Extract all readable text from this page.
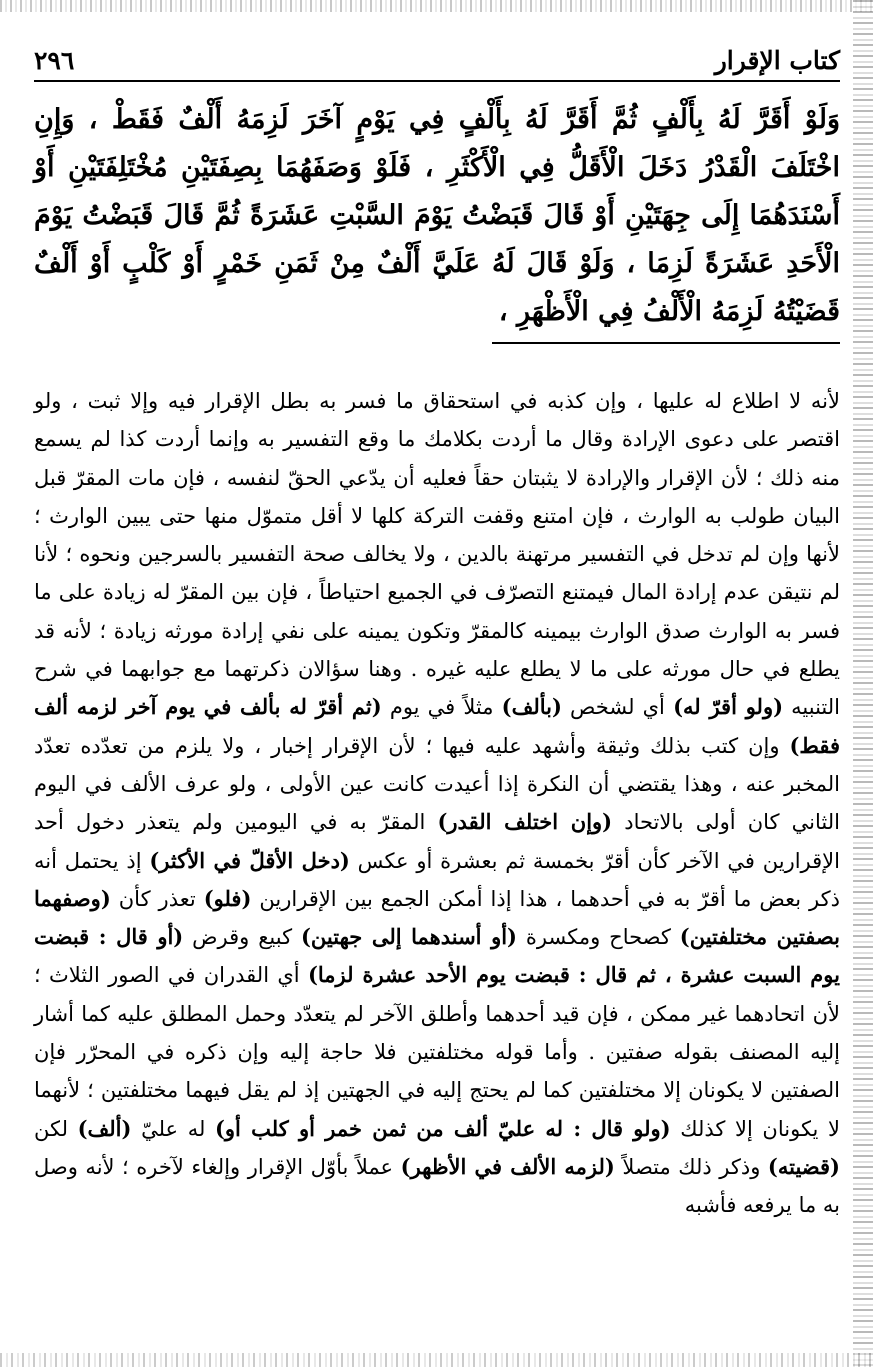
كتاب الإقرار
٢٩٦

وَلَوْ أَقَرَّ لَهُ بِأَلْفٍ ثُمَّ أَقَرَّ لَهُ بِأَلْفٍ فِي يَوْمٍ آخَرَ لَزِمَهُ أَلْفٌ فَقَطْ ، وَإِنِ اخْتَلَفَ الْقَدْرُ دَخَلَ الْأَقَلُّ فِي الْأَكْثَرِ ، فَلَوْ وَصَفَهُمَا بِصِفَتَيْنِ مُخْتَلِفَتَيْنِ أَوْ أَسْنَدَهُمَا إِلَى جِهَتَيْنِ أَوْ قَالَ قَبَضْتُ يَوْمَ السَّبْتِ عَشَرَةً ثُمَّ قَالَ قَبَضْتُ يَوْمَ الْأَحَدِ عَشَرَةً لَزِمَا ، وَلَوْ قَالَ لَهُ عَلَيَّ أَلْفٌ مِنْ ثَمَنِ خَمْرٍ أَوْ كَلْبٍ أَوْ أَلْفٌ قَضَيْتُهُ لَزِمَهُ الْأَلْفُ فِي الْأَظْهَرِ ،

لأنه لا اطلاع له عليها ، وإن كذبه في استحقاق ما فسر به بطل الإقرار فيه وإلا ثبت ، ولو اقتصر على دعوى الإرادة وقال ما أردت بكلامك ما وقع التفسير به وإنما أردت كذا لم يسمع منه ذلك ؛ لأن الإقرار والإرادة لا يثبتان حقاً فعليه أن يدّعي الحقّ لنفسه ، فإن مات المقرّ قبل البيان طولب به الوارث ، فإن امتنع وقفت التركة كلها لا أقل متموّل منها حتى يبين الوارث ؛ لأنها وإن لم تدخل في التفسير مرتهنة بالدين ، ولا يخالف صحة التفسير بالسرجين ونحوه ؛ لأنا لم نتيقن عدم إرادة المال فيمتنع التصرّف في الجميع احتياطاً ، فإن بين المقرّ له زيادة على ما فسر به الوارث صدق الوارث بيمينه كالمقرّ وتكون يمينه على نفي إرادة مورثه زيادة ؛ لأنه قد يطلع في حال مورثه على ما لا يطلع عليه غيره . وهنا سؤالان ذكرتهما مع جوابهما في شرح التنبيه (ولو أقرّ له) أي لشخص (بألف) مثلاً في يوم (ثم أقرّ له بألف في يوم آخر لزمه ألف فقط) وإن كتب بذلك وثيقة وأشهد عليه فيها ؛ لأن الإقرار إخبار ، ولا يلزم من تعدّده تعدّد المخبر عنه ، وهذا يقتضي أن النكرة إذا أعيدت كانت عين الأولى ، ولو عرف الألف في اليوم الثاني كان أولى بالاتحاد (وإن اختلف القدر) المقرّ به في اليومين ولم يتعذر دخول أحد الإقرارين في الآخر كأن أقرّ بخمسة ثم بعشرة أو عكس (دخل الأقلّ في الأكثر) إذ يحتمل أنه ذكر بعض ما أقرّ به في أحدهما ، هذا إذا أمكن الجمع بين الإقرارين (فلو) تعذر كأن (وصفهما بصفتين مختلفتين) كصحاح ومكسرة (أو أسندهما إلى جهتين) كبيع وقرض (أو قال : قبضت يوم السبت عشرة ، ثم قال : قبضت يوم الأحد عشرة لزما) أي القدران في الصور الثلاث ؛ لأن اتحادهما غير ممكن ، فإن قيد أحدهما وأطلق الآخر لم يتعدّد وحمل المطلق عليه كما أشار إليه المصنف بقوله صفتين . وأما قوله مختلفتين فلا حاجة إليه وإن ذكره في المحرّر فإن الصفتين لا يكونان إلا مختلفتين كما لم يحتج إليه في الجهتين إذ لم يقل فيهما مختلفتين ؛ لأنهما لا يكونان إلا كذلك (ولو قال : له عليّ ألف من ثمن خمر أو كلب أو) له عليّ (ألف) لكن (قضيته) وذكر ذلك متصلاً (لزمه الألف في الأظهر) عملاً بأوّل الإقرار وإلغاء لآخره ؛ لأنه وصل به ما يرفعه فأشبه
